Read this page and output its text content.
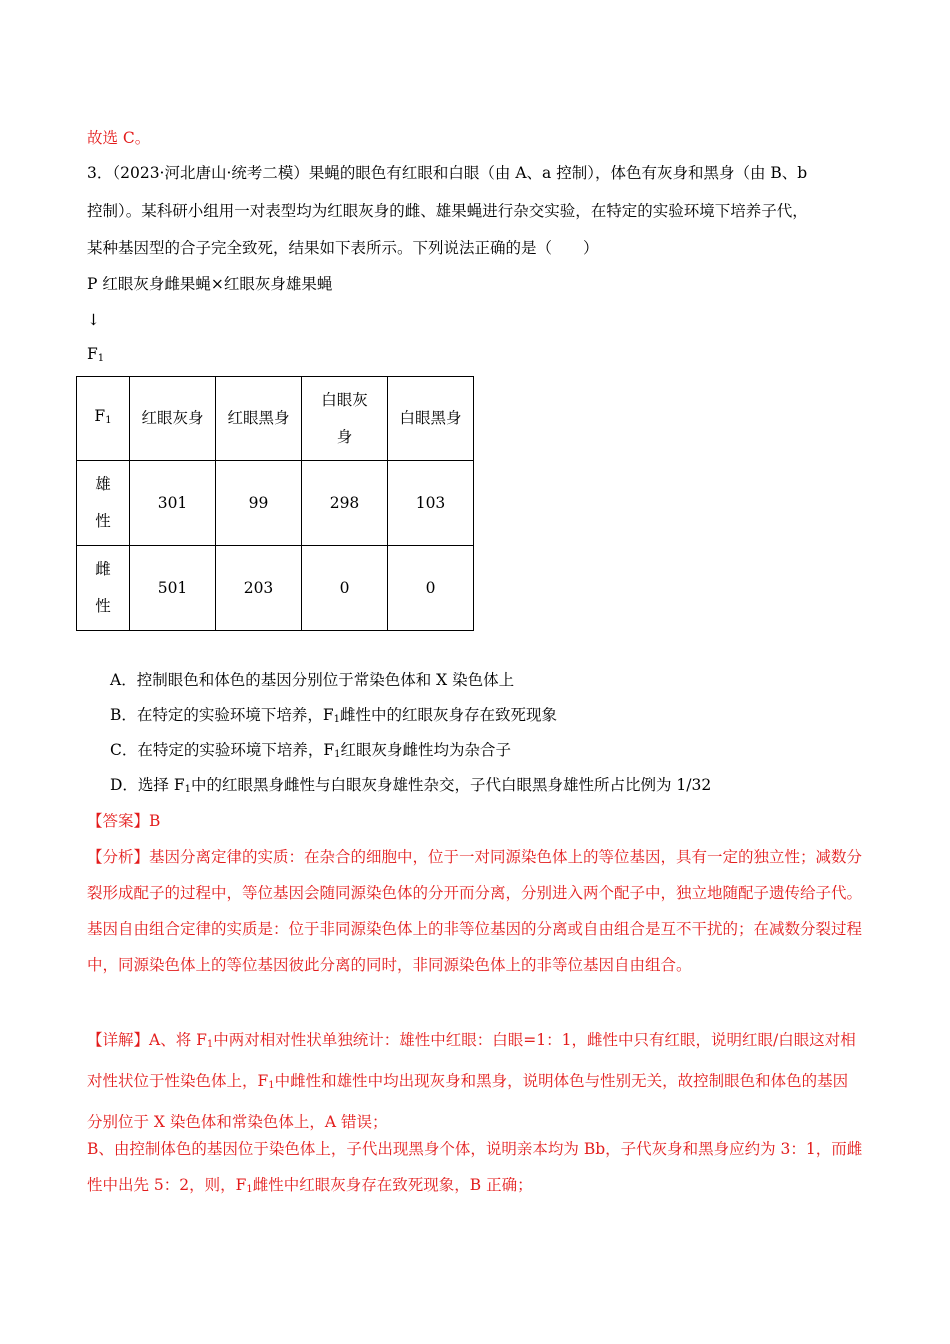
故选 C。
3．（2023·河北唐山·统考二模）果蝇的眼色有红眼和白眼（由 A、a 控制），体色有灰身和黑身（由 B、b
控制）。某科研小组用一对表型均为红眼灰身的雌、雄果蝇进行杂交实验，在特定的实验环境下培养子代，
某种基因型的合子完全致死，结果如下表所示。下列说法正确的是（　　）
P 红眼灰身雌果蝇×红眼灰身雄果蝇
↓
$F_1$
$F_1$	红眼灰身	红眼黑身	白眼灰身	白眼黑身
雄性	301	99	298	103
雌性	501	203	0	0
A．控制眼色和体色的基因分别位于常染色体和 X 染色体上
B．在特定的实验环境下培养，$F_1$雌性中的红眼灰身存在致死现象
C．在特定的实验环境下培养，$F_1$红眼灰身雌性均为杂合子
D．选择 $F_1$中的红眼黑身雌性与白眼灰身雄性杂交，子代白眼黑身雄性所占比例为 1/32
【答案】B
【分析】基因分离定律的实质：在杂合的细胞中，位于一对同源染色体上的等位基因，具有一定的独立性；减数分裂形成配子的过程中，等位基因会随同源染色体的分开而分离，分别进入两个配子中，独立地随配子遗传给子代。基因自由组合定律的实质是：位于非同源染色体上的非等位基因的分离或自由组合是互不干扰的；在减数分裂过程中，同源染色体上的等位基因彼此分离的同时，非同源染色体上的非等位基因自由组合。
【详解】A、将 $F_1$中两对相对性状单独统计：雄性中红眼：白眼=1：1，雌性中只有红眼，说明红眼/白眼这对相对性状位于性染色体上，$F_1$中雌性和雄性中均出现灰身和黑身，说明体色与性别无关，故控制眼色和体色的基因分别位于 X 染色体和常染色体上，A 错误；
B、由控制体色的基因位于染色体上，子代出现黑身个体，说明亲本均为 Bb，子代灰身和黑身应约为 3：1，而雌性中出先 5：2，则，$F_1$雌性中红眼灰身存在致死现象，B 正确；
